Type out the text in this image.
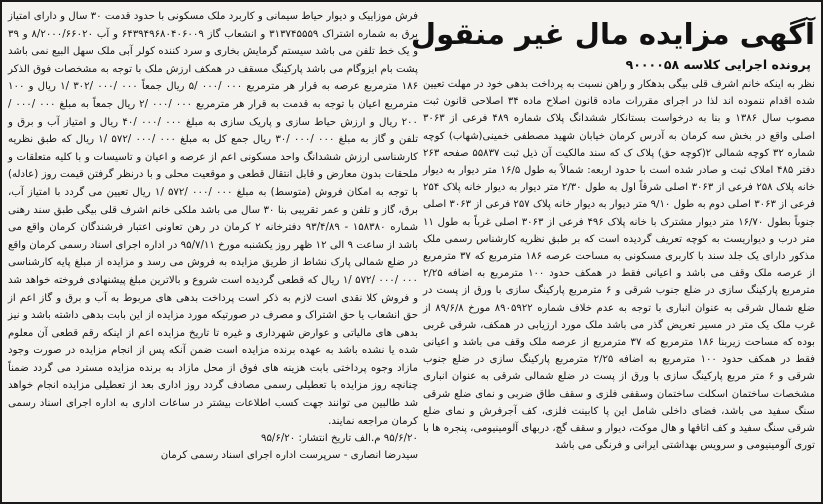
آگهی مزایده مال غیر منقول
پرونده اجرایی کلاسه ۹۰۰۰۰۵۸

نظر به اینکه خانم اشرف قلی بیگی بدهکار و راهن نسبت به پرداخت بدهی خود در مهلت تعیین شده اقدام ننموده اند لذا در اجرای مقررات ماده قانون اصلاح ماده ۳۴ اصلاحی قانون ثبت مصوب سال ۱۳۸۶ و بنا به درخواست بستانکار ششدانگ پلاک شماره ۴۸۹ فرعی از ۳۰۶۳ اصلی واقع در بخش سه کرمان به آدرس کرمان خیابان شهید مصطفی خمینی(شهاب) کوچه شماره ۳۲ کوچه شمالی ۲(کوچه حق) پلاک ک که سند مالکیت آن ذیل ثبت ۵۵۸۳۷ صفحه ۲۶۳ دفتر ۴۸۵ املاک ثبت و صادر شده است با حدود اربعه: شمالاً به طول ۱۶/۵ متر دیوار به دیوار خانه پلاک ۲۵۸ فرعی از ۳۰۶۳ اصلی شرقاً اول به طول ۲/۳۰ متر دیوار به دیوار خانه پلاک ۲۵۴ فرعی از ۳۰۶۳ اصلی دوم به طول ۹/۱۰ متر دیوار به دیوار خانه پلاک ۲۵۷ فرعی از ۳۰۶۳ اصلی جنوباً بطول ۱۶/۷۰ متر دیوار مشترک با خانه پلاک ۴۹۶ فرعی از ۳۰۶۳ اصلی غرباً به طول ۱۱ متر درب و دیواریست به کوچه تعریف گردیده است که بر طبق نظریه کارشناس رسمی ملک مذکور دارای یک جلد سند با کاربری مسکونی به مساحت عرصه ۱۸۶ مترمربع که ۳۷ مترمربع از عرصه ملک وقف می باشد و اعیانی فقط در همکف حدود ۱۰۰ مترمربع به اضافه ۲/۲۵ مترمربع پارکینگ سازی در ضلع جنوب شرقی و ۶ مترمربع پارکینگ سازی با ورق از پست در ضلع شمال شرقی به عنوان انباری با توجه به عدم خلاف شماره ۸۹۰۵۹۲۲ مورخ ۸۹/۶/۸ از غرب ملک یک متر در مسیر تعریض گذر می باشد ملک مورد ارزیابی در همکف، شرقی غربی بوده که مساحت زیربنا ۱۸۶ مترمربع که ۳۷ مترمربع از عرصه ملک وقف می باشد و اعیانی فقط در همکف حدود ۱۰۰ مترمربع به اضافه ۲/۲۵ مترمربع پارکینگ سازی در ضلع جنوب شرقی و ۶ متر مربع پارکینگ سازی با ورق از پست در ضلع شمالی شرقی به عنوان انباری مشخصات ساختمان اسکلت ساختمان وسقفی فلزی و سقف طاق ضربی و نمای ضلع شرقی سنگ سفید می باشد، فضای داخلی شامل این پا کابینت فلزی، کف آجرفرش و نمای ضلع شرقی سنگ سفید و کف اتاقها و هال موکت، دیوار و سقف گچ، دربهای آلومینیومی، پنجره ها با توری آلومینیومی و سرویس بهداشتی ایرانی و فرنگی می باشد

فرش موزاییک و دیوار حیاط سیمانی و کاربرد ملک مسکونی با حدود قدمت ۳۰ سال و دارای امتیاز برق به شماره اشتراک ۳۱۳۷۴۵۵۵۹ و انشعاب گاز ۶۴۳۹۴۹۶۸۰۴۰۶۰۰۹ و آب ۸/۲۰۰۰/۶۶۰۲۰ و ۳۹ و یک خط تلفن می باشد سیستم گرمایش بخاری و سرد کننده کولر آبی ملک سهل البیع نمی باشد پشت بام ایزوگام می باشد پارکینگ مسقف در همکف ارزش ملک با توجه به مشخصات فوق الذکر ۱۸۶ مترمربع عرصه به قرار هر مترمربع ۰۰۰ /۰۰۰ /۵ ریال جمعاً ۰۰۰ /۰۰۰ /۳۰۲ /۱ ریال و ۱۰۰ مترمربع اعیان با توجه به قدمت به قرار هر مترمربع ۰۰۰ /۰۰۰ /۲ ریال جمعاً به مبلغ ۰۰۰ /۰۰۰ /۲۰۰ ریال و ارزش حیاط سازی و پاریک سازی به مبلغ ۰۰۰ /۰۰۰ /۴۰ ریال و امتیاز آب و برق و تلفن و گاز به مبلغ ۰۰۰ /۰۰۰ /۳۰ ریال جمع کل به مبلغ ۰۰۰ /۰۰۰ /۵۷۲ /۱ ریال که طبق نظریه کارشناسی ارزش ششدانگ واحد مسکونی اعم از عرصه و اعیان و تاسیسات و با کلیه متعلقات و ملحقات بدون معارض و قابل انتقال قطعی و موقعیت محلی و با درنظر گرفتن قیمت روز (عادله) با توجه به امکان فروش (متوسط) به مبلغ ۰۰۰ /۰۰۰ /۵۷۲ /۱ ریال تعیین می گردد با امتیاز آب، برق، گاز و تلفن و عمر تقریبی بنا ۳۰ سال می باشد ملکی خانم اشرف قلی بیگی طبق سند رهنی شماره ۱۵۸۳۸۰ - ۹۳/۴/۸۹ دفترخانه ۲ کرمان در رهن تعاونی اعتبار فرشندگان کرمان واقع می باشد از ساعت ۹ الی ۱۲ ظهر روز یکشنبه مورخ ۹۵/۷/۱۱ در اداره اجرای اسناد رسمی کرمان واقع در ضلع شمالی پارک نشاط از طریق مزایده به فروش می رسد و مزایده از مبلغ پایه کارشناسی ۰۰۰ /۰۰۰ /۵۷۲ /۱ ریال که قطعی گردیده است شروع و بالاترین مبلغ پیشنهادی فروخته خواهد شد و فروش کلا نقدی است لازم به ذکر است پرداخت بدهی های مربوط به آب و برق و گاز اعم از حق انشعاب یا حق اشتراک و مصرف در صورتیکه مورد مزایده از این بابت بدهی داشته باشد و نیز بدهی های مالیاتی و عوارض شهرداری و غیره تا تاریخ مزایده اعم از اینکه رقم قطعی آن معلوم شده یا نشده باشد به عهده برنده مزایده است ضمن آنکه پس از انجام مزایده در صورت وجود مازاد وجوه پرداختی بابت هزینه های فوق از محل مازاد به برنده مزایده مسترد می گردد ضمناً چنانچه روز مزایده با تعطیلی رسمی مصادف گردد روز اداری بعد از تعطیلی مزایده انجام خواهد شد طالبین می توانند جهت کسب اطلاعات بیشتر در ساعات اداری به اداره اجرای اسناد رسمی کرمان مراجعه نمایند.

۹۵/۶/۲۰ م.الف تاریخ انتشار: ۹۵/۶/۲۰

سیدرضا انصاری - سرپرست اداره اجرای اسناد رسمی کرمان
